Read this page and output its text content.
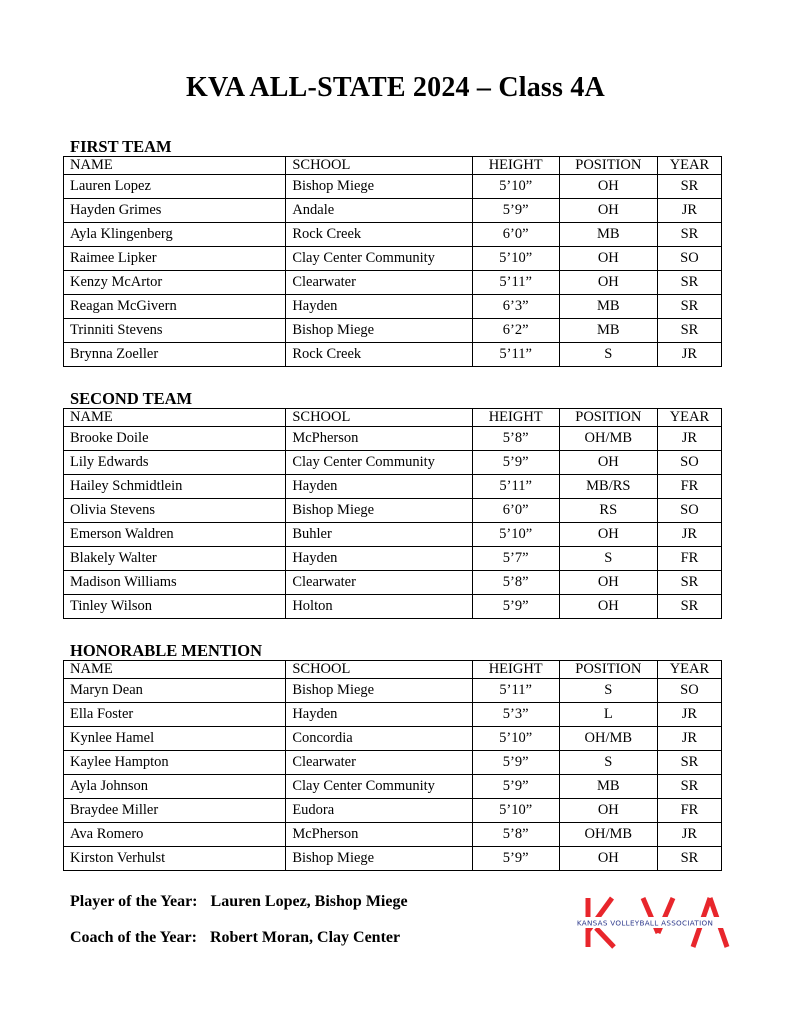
KVA ALL-STATE 2024 – Class 4A
FIRST TEAM
NAME	SCHOOL	HEIGHT	POSITION	YEAR
Lauren Lopez	Bishop Miege	5’10”	OH	SR
Hayden Grimes	Andale	5’9”	OH	JR
Ayla Klingenberg	Rock Creek	6’0”	MB	SR
Raimee Lipker	Clay Center Community	5’10”	OH	SO
Kenzy McArtor	Clearwater	5’11”	OH	SR
Reagan McGivern	Hayden	6’3”	MB	SR
Trinniti Stevens	Bishop Miege	6’2”	MB	SR
Brynna Zoeller	Rock Creek	5’11”	S	JR
SECOND TEAM
NAME	SCHOOL	HEIGHT	POSITION	YEAR
Brooke Doile	McPherson	5’8”	OH/MB	JR
Lily Edwards	Clay Center Community	5’9”	OH	SO
Hailey Schmidtlein	Hayden	5’11”	MB/RS	FR
Olivia Stevens	Bishop Miege	6’0”	RS	SO
Emerson Waldren	Buhler	5’10”	OH	JR
Blakely Walter	Hayden	5’7”	S	FR
Madison Williams	Clearwater	5’8”	OH	SR
Tinley Wilson	Holton	5’9”	OH	SR
HONORABLE MENTION
NAME	SCHOOL	HEIGHT	POSITION	YEAR
Maryn Dean	Bishop Miege	5’11”	S	SO
Ella Foster	Hayden	5’3”	L	JR
Kynlee Hamel	Concordia	5’10”	OH/MB	JR
Kaylee Hampton	Clearwater	5’9”	S	SR
Ayla Johnson	Clay Center Community	5’9”	MB	SR
Braydee Miller	Eudora	5’10”	OH	FR
Ava Romero	McPherson	5’8”	OH/MB	JR
Kirston Verhulst	Bishop Miege	5’9”	OH	SR
Player of the Year: Lauren Lopez, Bishop Miege
Coach of the Year: Robert Moran, Clay Center
KANSAS VOLLEYBALL ASSOCIATION
